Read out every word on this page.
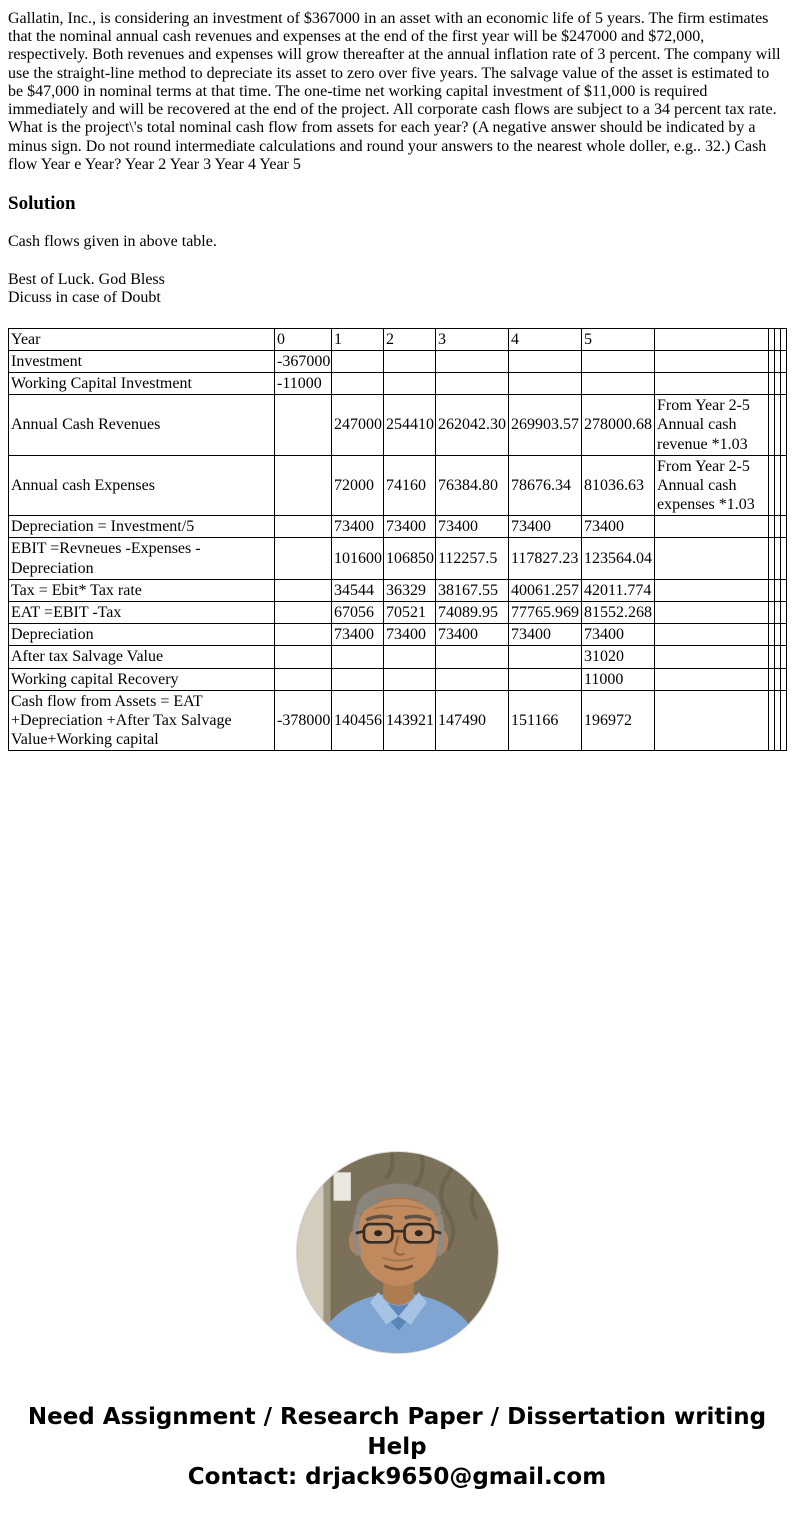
Gallatin, Inc., is considering an investment of $367000 in an asset with an economic life of 5 years. The firm estimates that the nominal annual cash revenues and expenses at the end of the first year will be $247000 and $72,000, respectively. Both revenues and expenses will grow thereafter at the annual inflation rate of 3 percent. The company will use the straight-line method to depreciate its asset to zero over five years. The salvage value of the asset is estimated to be $47,000 in nominal terms at that time. The one-time net working capital investment of $11,000 is required immediately and will be recovered at the end of the project. All corporate cash flows are subject to a 34 percent tax rate. What is the project\'s total nominal cash flow from assets for each year? (A negative answer should be indicated by a minus sign. Do not round intermediate calculations and round your answers to the nearest whole doller, e.g.. 32.) Cash flow Year e Year? Year 2 Year 3 Year 4 Year 5

Solution

Cash flows given in above table.

Best of Luck. God Bless
Dicuss in case of Doubt

Year	0	1	2	3	4	5				
Investment	-367000									
Working Capital Investment	-11000									
Annual Cash Revenues		247000	254410	262042.30	269903.57	278000.68	From Year 2-5 Annual cash revenue *1.03			
Annual cash Expenses		72000	74160	76384.80	78676.34	81036.63	From Year 2-5 Annual cash expenses *1.03			
Depreciation = Investment/5		73400	73400	73400	73400	73400				
EBIT =Revneues -Expenses -Depreciation		101600	106850	112257.5	117827.23	123564.04				
Tax = Ebit* Tax rate		34544	36329	38167.55	40061.257	42011.774				
EAT =EBIT -Tax		67056	70521	74089.95	77765.969	81552.268				
Depreciation		73400	73400	73400	73400	73400				
After tax Salvage Value						31020				
Working capital Recovery						11000				
Cash flow from Assets = EAT +Depreciation +After Tax Salvage Value+Working capital	-378000	140456	143921	147490	151166	196972				
Need Assignment / Research Paper / Dissertation writing Help
Contact: drjack9650@gmail.com
